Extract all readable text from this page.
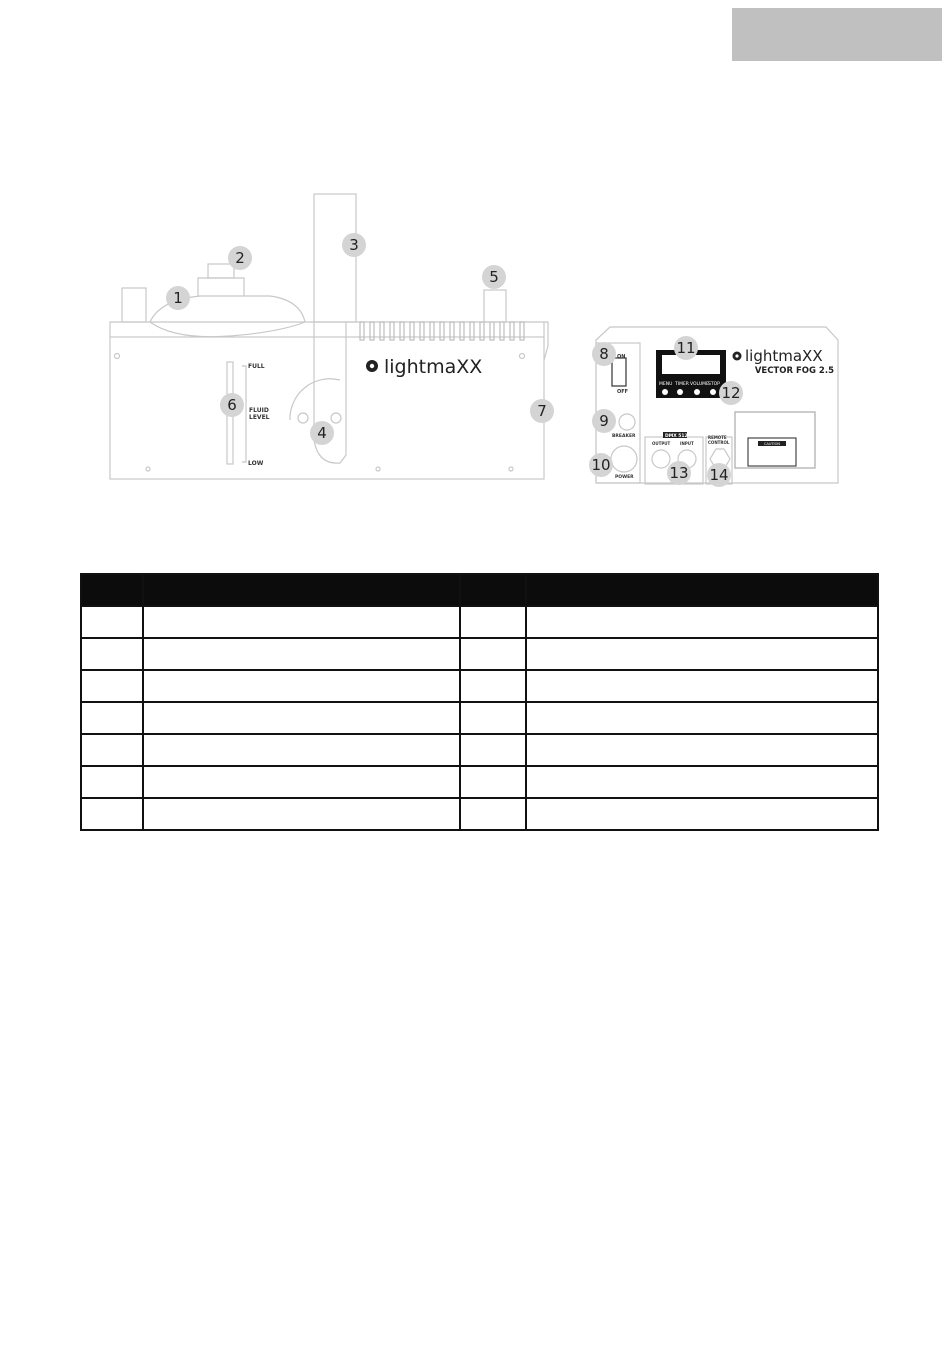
lightmaXX
FULL
FLUID
LEVEL
LOW
1
2
3
4
5
6	7
MENU TIMER VOLUME STOP
ON
OFF
BREAKER
POWER
DMX 512
OUTPUT INPUT
REMOTE
CONTROL	CAUTION
lightmaXX
VECTOR FOG 2.5
8
9
10
11
12
13 14
